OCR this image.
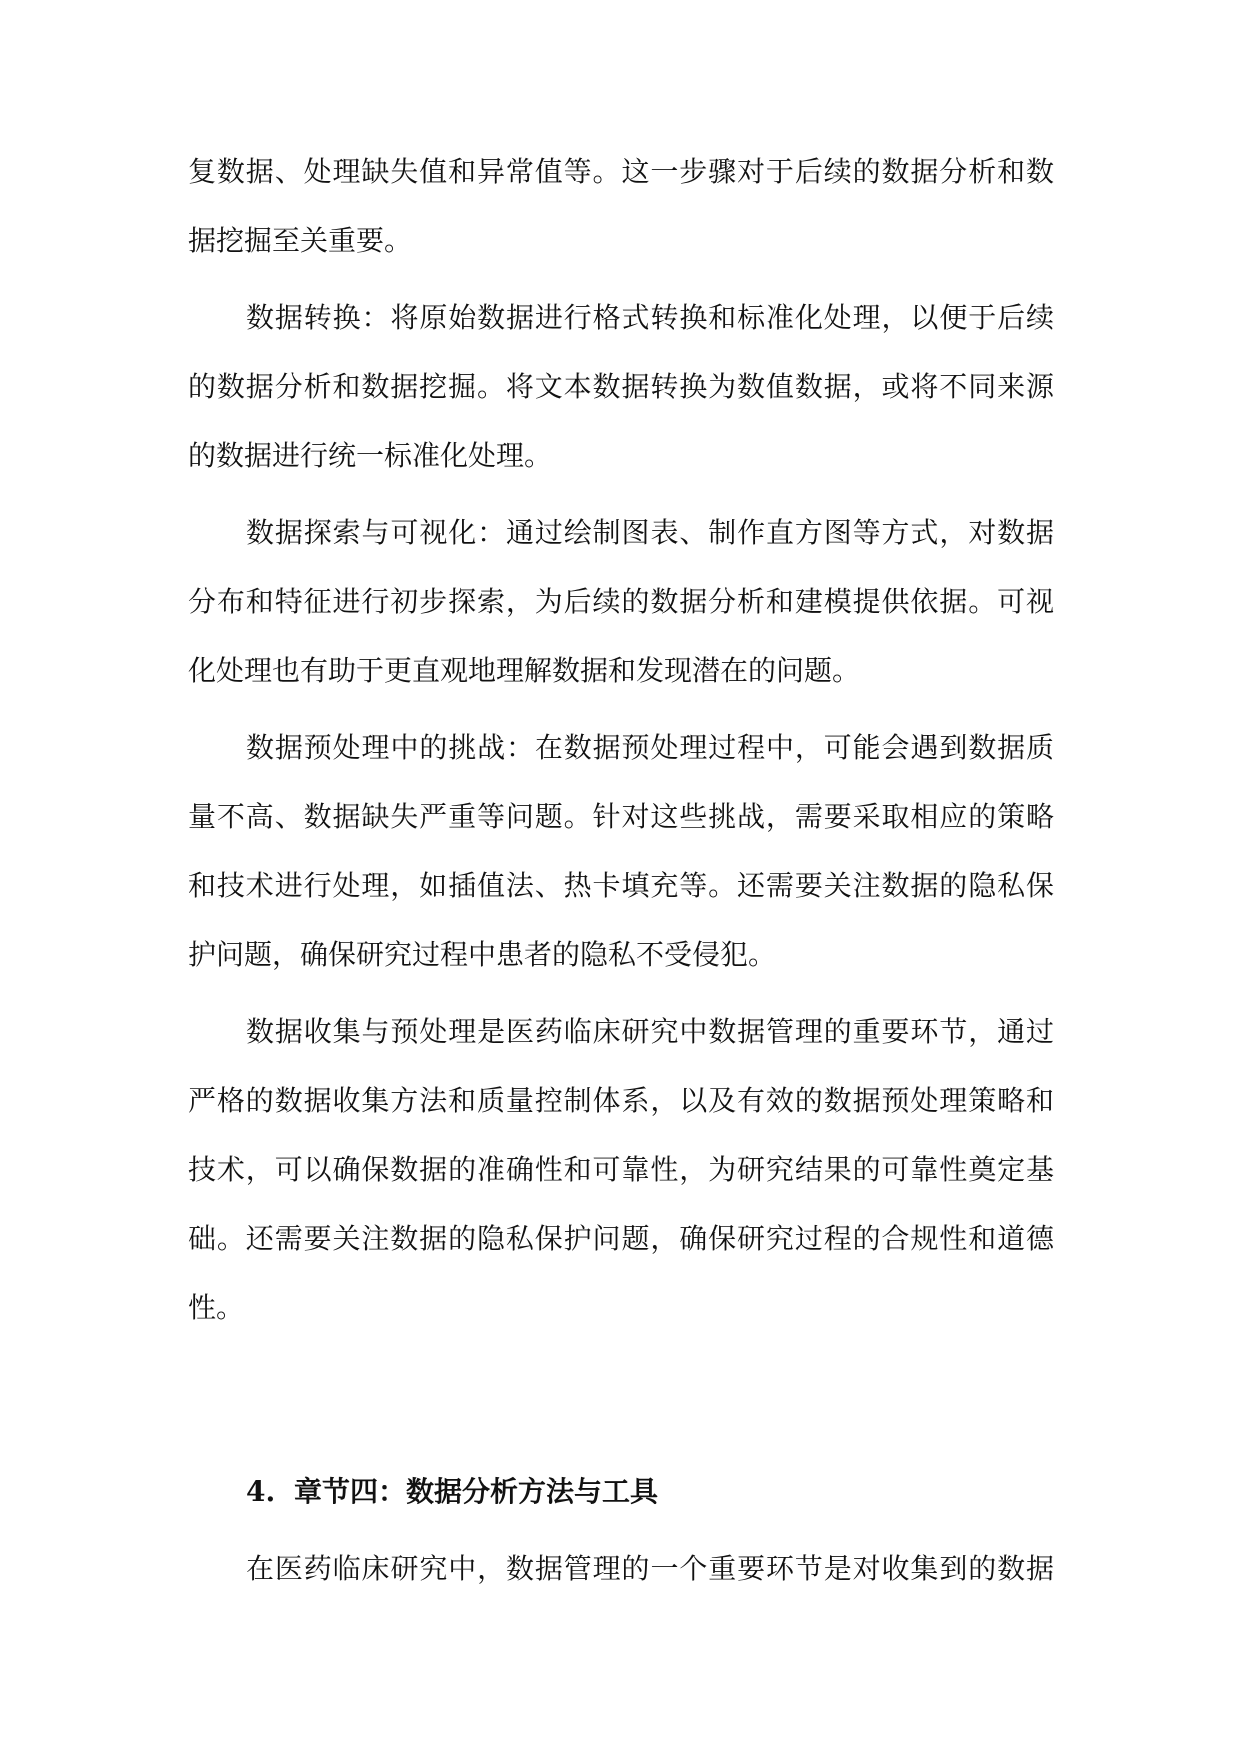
复数据、处理缺失值和异常值等。这一步骤对于后续的数据分析和数
据挖掘至关重要。
数据转换：将原始数据进行格式转换和标准化处理，以便于后续
的数据分析和数据挖掘。将文本数据转换为数值数据，或将不同来源
的数据进行统一标准化处理。
数据探索与可视化：通过绘制图表、制作直方图等方式，对数据
分布和特征进行初步探索，为后续的数据分析和建模提供依据。可视
化处理也有助于更直观地理解数据和发现潜在的问题。
数据预处理中的挑战：在数据预处理过程中，可能会遇到数据质
量不高、数据缺失严重等问题。针对这些挑战，需要采取相应的策略
和技术进行处理，如插值法、热卡填充等。还需要关注数据的隐私保
护问题，确保研究过程中患者的隐私不受侵犯。
数据收集与预处理是医药临床研究中数据管理的重要环节，通过
严格的数据收集方法和质量控制体系，以及有效的数据预处理策略和
技术，可以确保数据的准确性和可靠性，为研究结果的可靠性奠定基
础。还需要关注数据的隐私保护问题，确保研究过程的合规性和道德
性。
4. 章节四：数据分析方法与工具
在医药临床研究中，数据管理的一个重要环节是对收集到的数据
